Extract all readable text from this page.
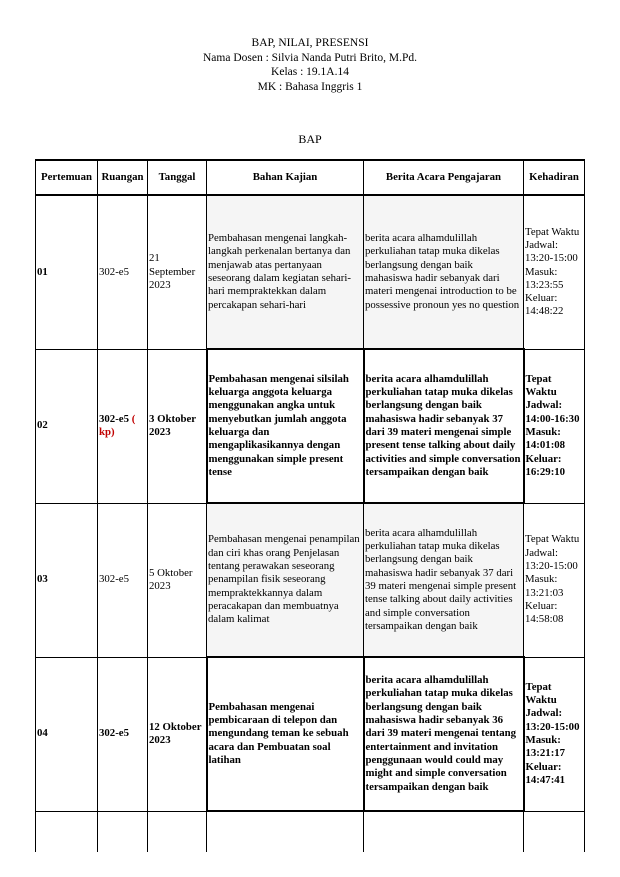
BAP, NILAI, PRESENSI
Nama Dosen : Silvia Nanda Putri Brito, M.Pd.
Kelas : 19.1A.14
MK : Bahasa Inggris 1
BAP
Pertemuan	Ruangan	Tanggal	Bahan Kajian	Berita Acara Pengajaran	Kehadiran
01	302-e5	21 September 2023	Pembahasan mengenai langkah-langkah perkenalan bertanya dan menjawab atas pertanyaan seseorang dalam kegiatan sehari-hari mempraktekkan dalam percakapan sehari-hari	berita acara alhamdulillah perkuliahan tatap muka dikelas berlangsung dengan baik mahasiswa hadir sebanyak dari materi mengenai introduction to be possessive pronoun yes no question	Tepat Waktu Jadwal: 13:20-15:00 Masuk: 13:23:55 Keluar: 14:48:22
02	302-e5 ( kp)	3 Oktober 2023	Pembahasan mengenai silsilah keluarga anggota keluarga menggunakan angka untuk menyebutkan jumlah anggota keluarga dan mengaplikasikannya dengan menggunakan simple present tense	berita acara alhamdulillah perkuliahan tatap muka dikelas berlangsung dengan baik mahasiswa hadir sebanyak 37 dari 39 materi mengenai simple present tense talking about daily activities and simple conversation tersampaikan dengan baik	Tepat Waktu Jadwal: 14:00-16:30 Masuk: 14:01:08 Keluar: 16:29:10
03	302-e5	5 Oktober 2023	Pembahasan mengenai penampilan dan ciri khas orang Penjelasan tentang perawakan seseorang penampilan fisik seseorang mempraktekkannya dalam peracakapan dan membuatnya dalam kalimat	berita acara alhamdulillah perkuliahan tatap muka dikelas berlangsung dengan baik mahasiswa hadir sebanyak 37 dari 39 materi mengenai simple present tense talking about daily activities and simple conversation tersampaikan dengan baik	Tepat Waktu Jadwal: 13:20-15:00 Masuk: 13:21:03 Keluar: 14:58:08
04	302-e5	12 Oktober 2023	Pembahasan mengenai pembicaraan di telepon dan mengundang teman ke sebuah acara dan Pembuatan soal latihan	berita acara alhamdulillah perkuliahan tatap muka dikelas berlangsung dengan baik mahasiswa hadir sebanyak 36 dari 39 materi mengenai tentang entertainment and invitation penggunaan would could may might and simple conversation tersampaikan dengan baik	Tepat Waktu Jadwal: 13:20-15:00 Masuk: 13:21:17 Keluar: 14:47:41
